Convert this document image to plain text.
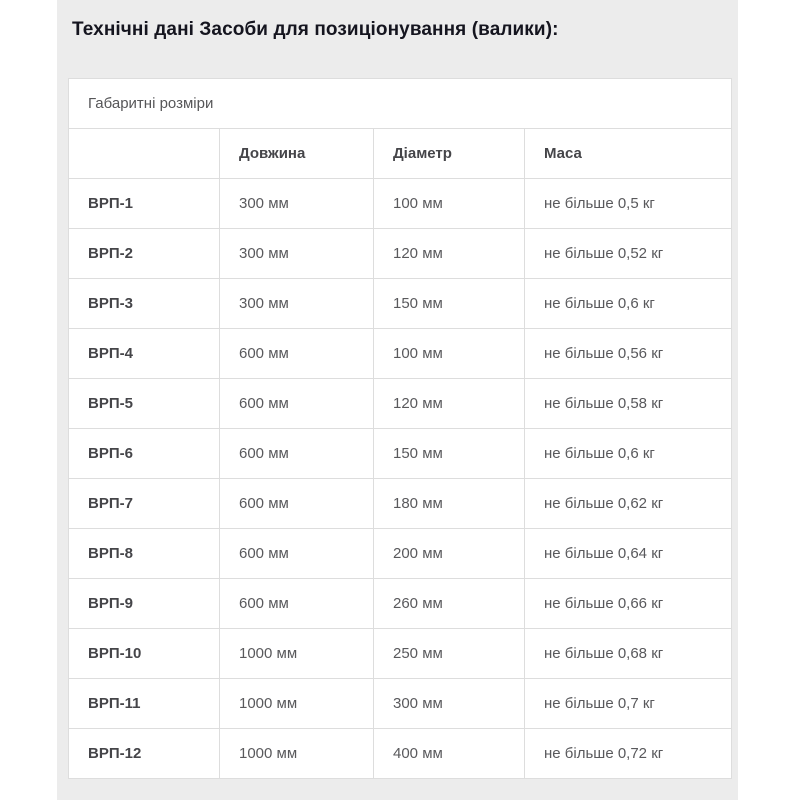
Технічні дані Засоби для позиціонування (валики):
Габаритні розміри			
	Довжина	Діаметр	Маса
ВРП-1	300 мм	100 мм	не більше 0,5 кг
ВРП-2	300 мм	120 мм	не більше 0,52 кг
ВРП-3	300 мм	150 мм	не більше 0,6 кг
ВРП-4	600 мм	100 мм	не більше 0,56 кг
ВРП-5	600 мм	120 мм	не більше 0,58 кг
ВРП-6	600 мм	150 мм	не більше 0,6 кг
ВРП-7	600 мм	180 мм	не більше 0,62 кг
ВРП-8	600 мм	200 мм	не більше 0,64 кг
ВРП-9	600 мм	260 мм	не більше 0,66 кг
ВРП-10	1000 мм	250 мм	не більше 0,68 кг
ВРП-11	1000 мм	300 мм	не більше 0,7 кг
ВРП-12	1000 мм	400 мм	не більше 0,72 кг
